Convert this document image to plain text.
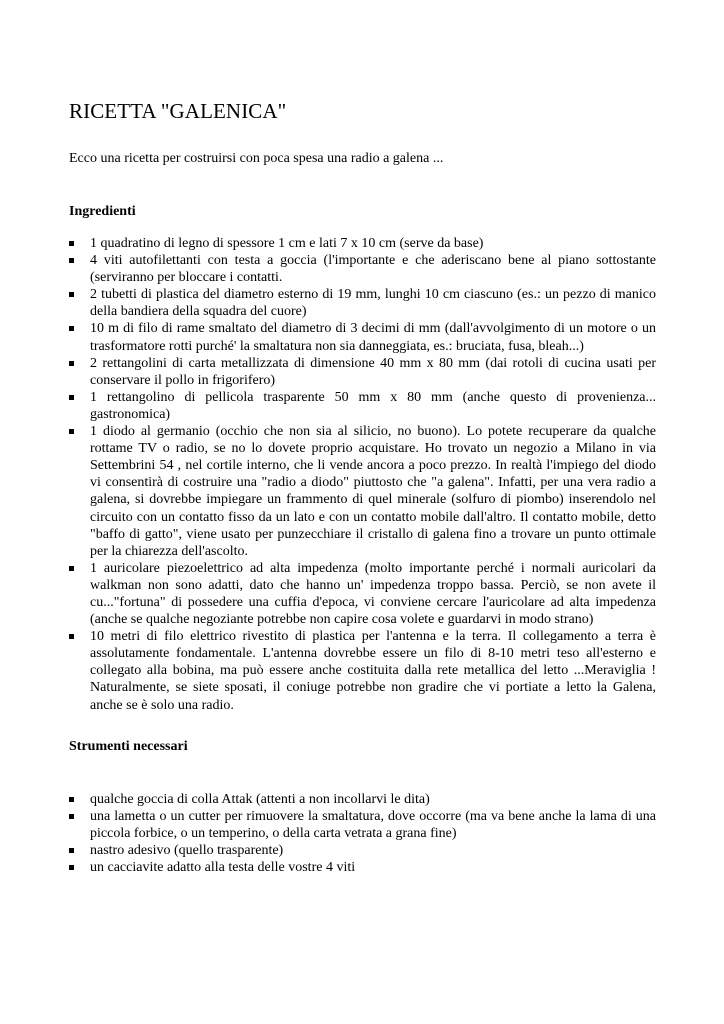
RICETTA "GALENICA"

Ecco una ricetta per costruirsi con poca spesa una radio a galena ...

Ingredienti
1 quadratino di legno di spessore 1 cm e lati 7 x 10 cm (serve da base)
4 viti autofilettanti con testa a goccia (l'importante e che aderiscano bene al piano sottostante (serviranno per bloccare i contatti.
2 tubetti di plastica del diametro esterno di 19 mm, lunghi 10 cm ciascuno (es.: un pezzo di manico della bandiera della squadra del cuore)
10 m di filo di rame smaltato del diametro di 3 decimi di mm (dall'avvolgimento di un motore o un trasformatore rotti purché' la smaltatura non sia danneggiata, es.: bruciata, fusa, bleah...)
2 rettangolini di carta metallizzata di dimensione 40 mm x 80 mm (dai rotoli di cucina usati per conservare il pollo in frigorifero)
1 rettangolino di pellicola trasparente 50 mm x 80 mm (anche questo di provenienza... gastronomica)
1 diodo al germanio (occhio che non sia al silicio, no buono). Lo potete recuperare da qualche rottame TV o radio, se no lo dovete proprio acquistare. Ho trovato un negozio a Milano in via Settembrini 54 , nel cortile interno, che li vende ancora a poco prezzo. In realtà l'impiego del diodo vi consentirà di costruire una "radio a diodo" piuttosto che "a galena". Infatti, per una vera radio a galena, si dovrebbe impiegare un frammento di quel minerale (solfuro di piombo) inserendolo nel circuito con un contatto fisso da un lato e con un contatto mobile dall'altro. Il contatto mobile, detto "baffo di gatto", viene usato per punzecchiare il cristallo di galena fino a trovare un punto ottimale per la chiarezza dell'ascolto.
1 auricolare piezoelettrico ad alta impedenza (molto importante perché i normali auricolari da walkman non sono adatti, dato che hanno un' impedenza troppo bassa. Perciò, se non avete il cu..."fortuna" di possedere una cuffia d'epoca, vi conviene cercare l'auricolare ad alta impedenza (anche se qualche negoziante potrebbe non capire cosa volete e guardarvi in modo strano)
10 metri di filo elettrico rivestito di plastica per l'antenna e la terra. Il collegamento a terra è assolutamente fondamentale. L'antenna dovrebbe essere un filo di 8-10 metri teso all'esterno e collegato alla bobina, ma può essere anche costituita dalla rete metallica del letto ...Meraviglia ! Naturalmente, se siete sposati, il coniuge potrebbe non gradire che vi portiate a letto la Galena, anche se è solo una radio.
Strumenti necessari
qualche goccia di colla Attak (attenti a non incollarvi le dita)
una lametta o un cutter per rimuovere la smaltatura, dove occorre (ma va bene anche la lama di una piccola forbice, o un temperino, o della carta vetrata a grana fine)
nastro adesivo (quello trasparente)
un cacciavite adatto alla testa delle vostre 4 viti
